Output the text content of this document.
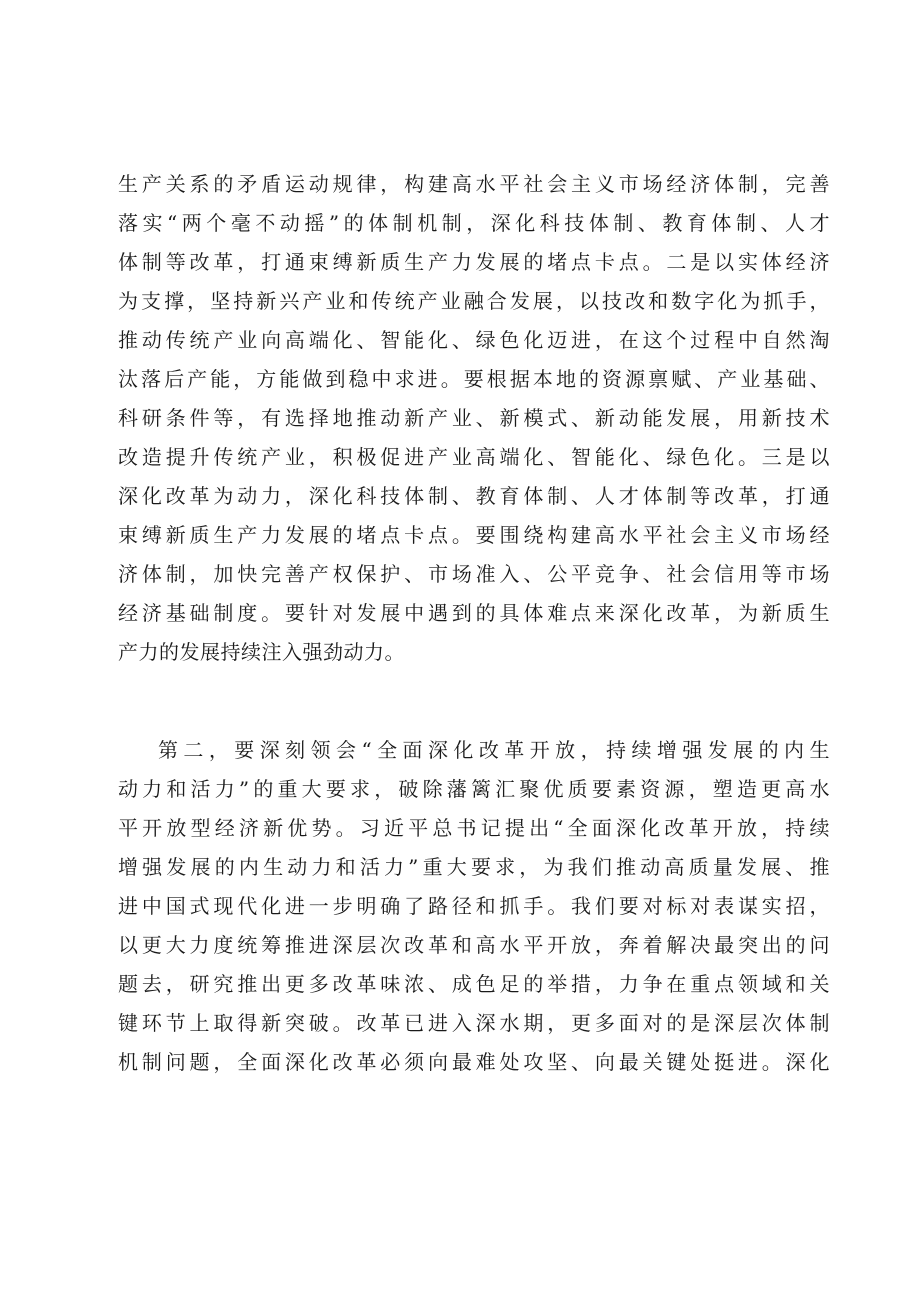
生产关系的矛盾运动规律，构建高水平社会主义市场经济体制，完善
落实“两个毫不动摇”的体制机制，深化科技体制、教育体制、人才
体制等改革，打通束缚新质生产力发展的堵点卡点。二是以实体经济
为支撑，坚持新兴产业和传统产业融合发展，以技改和数字化为抓手，
推动传统产业向高端化、智能化、绿色化迈进，在这个过程中自然淘
汰落后产能，方能做到稳中求进。要根据本地的资源禀赋、产业基础、
科研条件等，有选择地推动新产业、新模式、新动能发展，用新技术
改造提升传统产业，积极促进产业高端化、智能化、绿色化。三是以
深化改革为动力，深化科技体制、教育体制、人才体制等改革，打通
束缚新质生产力发展的堵点卡点。要围绕构建高水平社会主义市场经
济体制，加快完善产权保护、市场准入、公平竞争、社会信用等市场
经济基础制度。要针对发展中遇到的具体难点来深化改革，为新质生
产力的发展持续注入强劲动力。
第二，要深刻领会“全面深化改革开放，持续增强发展的内生
动力和活力”的重大要求，破除藩篱汇聚优质要素资源，塑造更高水
平开放型经济新优势。习近平总书记提出“全面深化改革开放，持续
增强发展的内生动力和活力”重大要求，为我们推动高质量发展、推
进中国式现代化进一步明确了路径和抓手。我们要对标对表谋实招，
以更大力度统筹推进深层次改革和高水平开放，奔着解决最突出的问
题去，研究推出更多改革味浓、成色足的举措，力争在重点领域和关
键环节上取得新突破。改革已进入深水期，更多面对的是深层次体制
机制问题，全面深化改革必须向最难处攻坚、向最关键处挺进。深化
